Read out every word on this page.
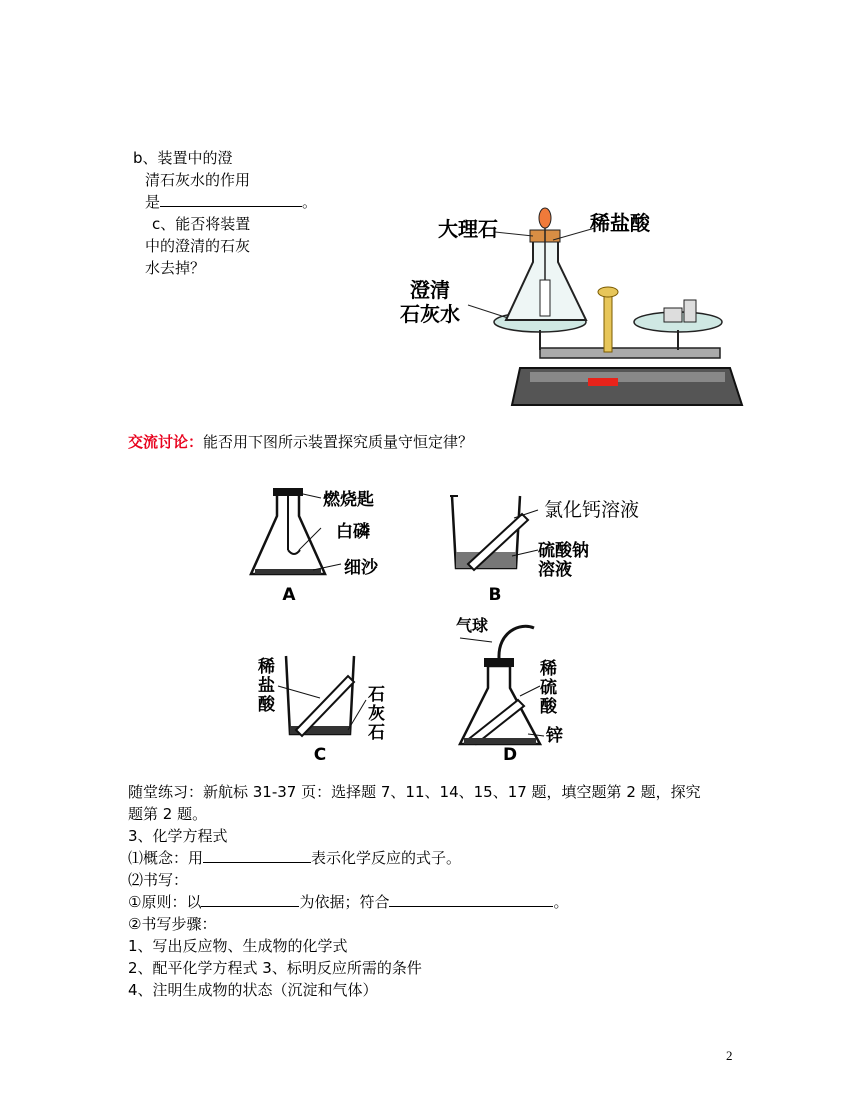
b、装置中的澄
清石灰水的作用
是	。
c、能否将装置
中的澄清的石灰
水去掉？
大理石	稀盐酸
澄清
石灰水
交流讨论：能否用下图所示装置探究质量守恒定律？
燃烧匙
白磷
细沙
A
氯化钙溶液
硫酸钠
溶液
B
稀
盐
酸	石
灰
石
C
气球
稀
硫
酸
锌
D
随堂练习：新航标 31-37 页：选择题 7、11、14、15、17 题，填空题第 2 题，探究
题第 2 题。
3、化学方程式
⑴概念：用	表示化学反应的式子。
⑵书写：
①原则：以	为依据；符合	。
②书写步骤：
1、写出反应物、生成物的化学式
2、配平化学方程式 3、标明反应所需的条件
4、注明生成物的状态（沉淀和气体）
2
